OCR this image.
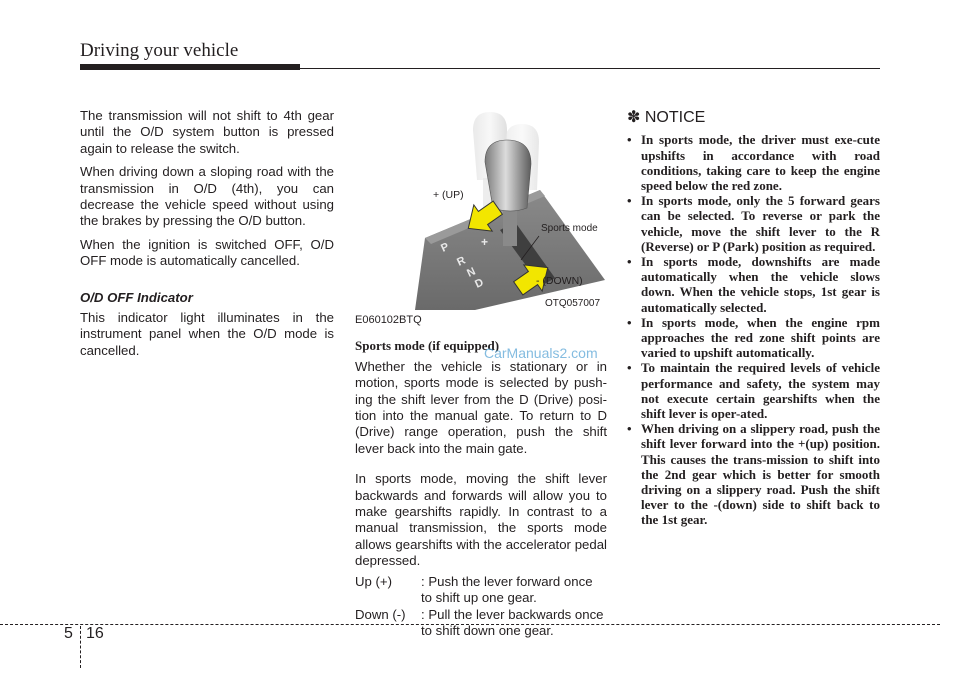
Driving your vehicle

The transmission will not shift to 4th gear until the O/D system button is pressed again to release the switch.

When driving down a sloping road with the transmission in O/D (4th), you can decrease the vehicle speed without using the brakes by pressing the O/D button.

When the ignition is switched OFF, O/D OFF mode is automatically cancelled.

O/D OFF Indicator

This indicator light illuminates in the instrument panel when the O/D mode is cancelled.

P
R
N
D
+
+ (UP)
Sports mode
- (DOWN)
OTQ057007
E060102BTQ
Sports mode (if equipped)

Whether the vehicle is stationary or in motion, sports mode is selected by push-ing the shift lever from the D (Drive) posi-tion into the manual gate. To return to D (Drive) range operation, push the shift lever back into the main gate.

In sports mode, moving the shift lever backwards and forwards will allow you to make gearshifts rapidly. In contrast to a manual transmission, the sports mode allows gearshifts with the accelerator pedal depressed.

Up (+)	: Push the lever forward once to shift up one gear.
Down (-)	: Pull the lever backwards once to shift down one gear.
CarManuals2.com
✽ NOTICE
• In sports mode, the driver must exe-cute upshifts in accordance with road conditions, taking care to keep the engine speed below the red zone.
• In sports mode, only the 5 forward gears can be selected. To reverse or park the vehicle, move the shift lever to the R (Reverse) or P (Park) position as required.
• In sports mode, downshifts are made automatically when the vehicle slows down. When the vehicle stops, 1st gear is automatically selected.
• In sports mode, when the engine rpm approaches the red zone shift points are varied to upshift automatically.
• To maintain the required levels of vehicle performance and safety, the system may not execute certain gearshifts when the shift lever is oper-ated.
• When driving on a slippery road, push the shift lever forward into the +(up) position. This causes the trans-mission to shift into the 2nd gear which is better for smooth driving on a slippery road. Push the shift lever to the -(down) side to shift back to the 1st gear.
5 16
